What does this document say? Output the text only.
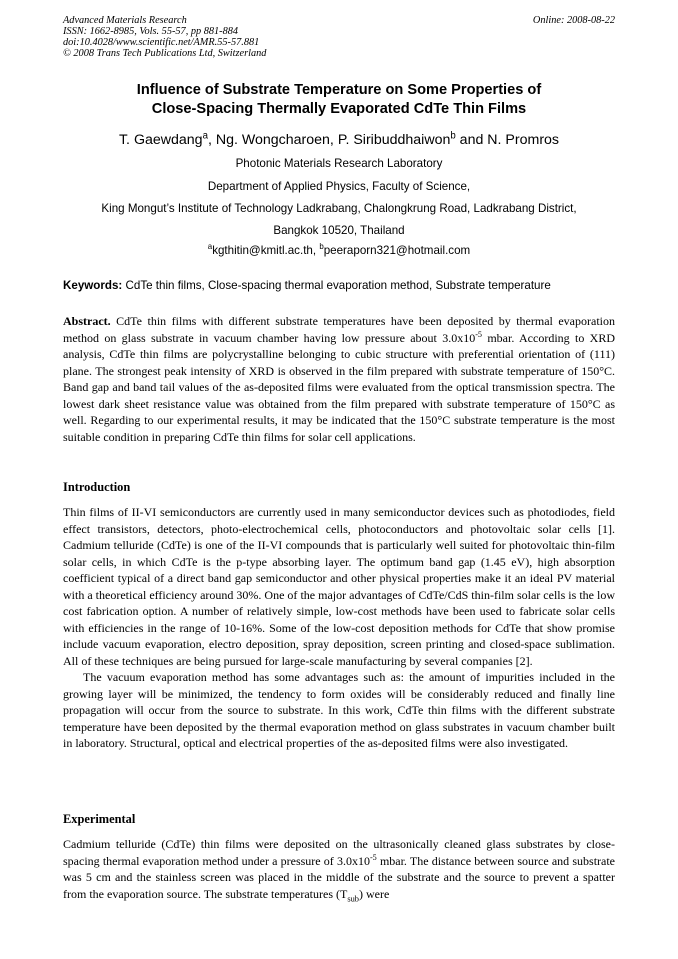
Advanced Materials Research
ISSN: 1662-8985, Vols. 55-57, pp 881-884
doi:10.4028/www.scientific.net/AMR.55-57.881
© 2008 Trans Tech Publications Ltd, Switzerland
Online: 2008-08-22
Influence of Substrate Temperature on Some Properties of
Close-Spacing Thermally Evaporated CdTe Thin Films
T. Gaewdang$^a$, Ng. Wongcharoen, P. Siribuddhaiwon$^b$ and N. Promros
Photonic Materials Research Laboratory
Department of Applied Physics, Faculty of Science,
King Mongut’s Institute of Technology Ladkrabang, Chalongkrung Road, Ladkrabang District,
Bangkok 10520, Thailand
$^a$kgthitin@kmitl.ac.th, $^b$peeraporn321@hotmail.com
Keywords: CdTe thin films, Close-spacing thermal evaporation method, Substrate temperature
Abstract. CdTe thin films with different substrate temperatures have been deposited by thermal evaporation method on glass substrate in vacuum chamber having low pressure about $3.0x10^{-5}$ mbar. According to XRD analysis, CdTe thin films are polycrystalline belonging to cubic structure with preferential orientation of (111) plane. The strongest peak intensity of XRD is observed in the film prepared with substrate temperature of 150°C. Band gap and band tail values of the as-deposited films were evaluated from the optical transmission spectra. The lowest dark sheet resistance value was obtained from the film prepared with substrate temperature of 150°C as well. Regarding to our experimental results, it may be indicated that the 150°C substrate temperature is the most suitable condition in preparing CdTe thin films for solar cell applications.
Introduction
Thin films of II-VI semiconductors are currently used in many semiconductor devices such as photodiodes, field effect transistors, detectors, photo-electrochemical cells, photoconductors and photovoltaic solar cells [1]. Cadmium telluride (CdTe) is one of the II-VI compounds that is particularly well suited for photovoltaic thin-film solar cells, in which CdTe is the p-type absorbing layer. The optimum band gap (1.45 eV), high absorption coefficient typical of a direct band gap semiconductor and other physical properties make it an ideal PV material with a theoretical efficiency around 30%. One of the major advantages of CdTe/CdS thin-film solar cells is the low cost fabrication option. A number of relatively simple, low-cost methods have been used to fabricate solar cells with efficiencies in the range of 10-16%. Some of the low-cost deposition methods for CdTe that show promise include vacuum evaporation, electro deposition, spray deposition, screen printing and closed-space sublimation. All of these techniques are being pursued for large-scale manufacturing by several companies [2].
The vacuum evaporation method has some advantages such as: the amount of impurities included in the growing layer will be minimized, the tendency to form oxides will be considerably reduced and finally line propagation will occur from the source to substrate. In this work, CdTe thin films with the different substrate temperature have been deposited by the thermal evaporation method on glass substrates in vacuum chamber built in laboratory. Structural, optical and electrical properties of the as-deposited films were also investigated.
Experimental
Cadmium telluride (CdTe) thin films were deposited on the ultrasonically cleaned glass substrates by close-spacing thermal evaporation method under a pressure of $3.0x10^{-5}$ mbar. The distance between source and substrate was 5 cm and the stainless screen was placed in the middle of the substrate and the source to prevent a spatter from the evaporation source. The substrate temperatures $(T_{sub})$ were
